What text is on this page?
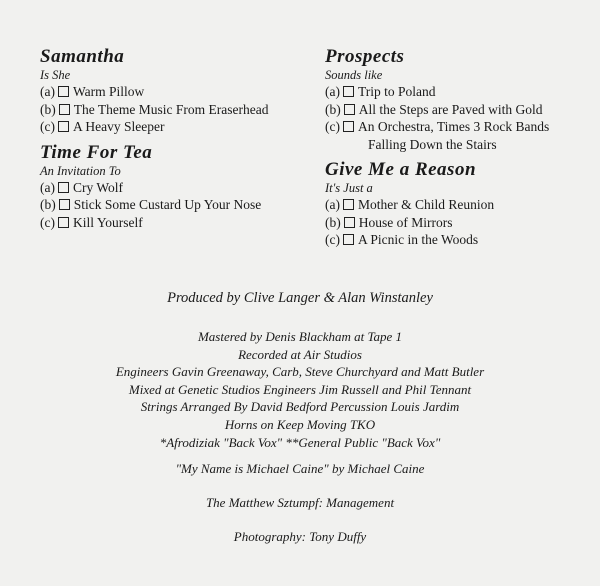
Samantha
Is She
(a) Warm Pillow
(b) The Theme Music From Eraserhead
(c) A Heavy Sleeper
Time For Tea
An Invitation To
(a) Cry Wolf
(b) Stick Some Custard Up Your Nose
(c) Kill Yourself
Prospects
Sounds like
(a) Trip to Poland
(b) All the Steps are Paved with Gold
(c) An Orchestra, Times 3 Rock Bands
Falling Down the Stairs
Give Me a Reason
It's Just a
(a) Mother & Child Reunion
(b) House of Mirrors
(c) A Picnic in the Woods
Produced by Clive Langer & Alan Winstanley
Mastered by Denis Blackham at Tape 1
Recorded at Air Studios
Engineers Gavin Greenaway, Carb, Steve Churchyard and Matt Butler
Mixed at Genetic Studios Engineers Jim Russell and Phil Tennant
Strings Arranged By David Bedford Percussion Louis Jardim
Horns on Keep Moving TKO
*Afrodiziak "Back Vox" **General Public "Back Vox"
"My Name is Michael Caine" by Michael Caine
The Matthew Sztumpf: Management
Photography: Tony Duffy
